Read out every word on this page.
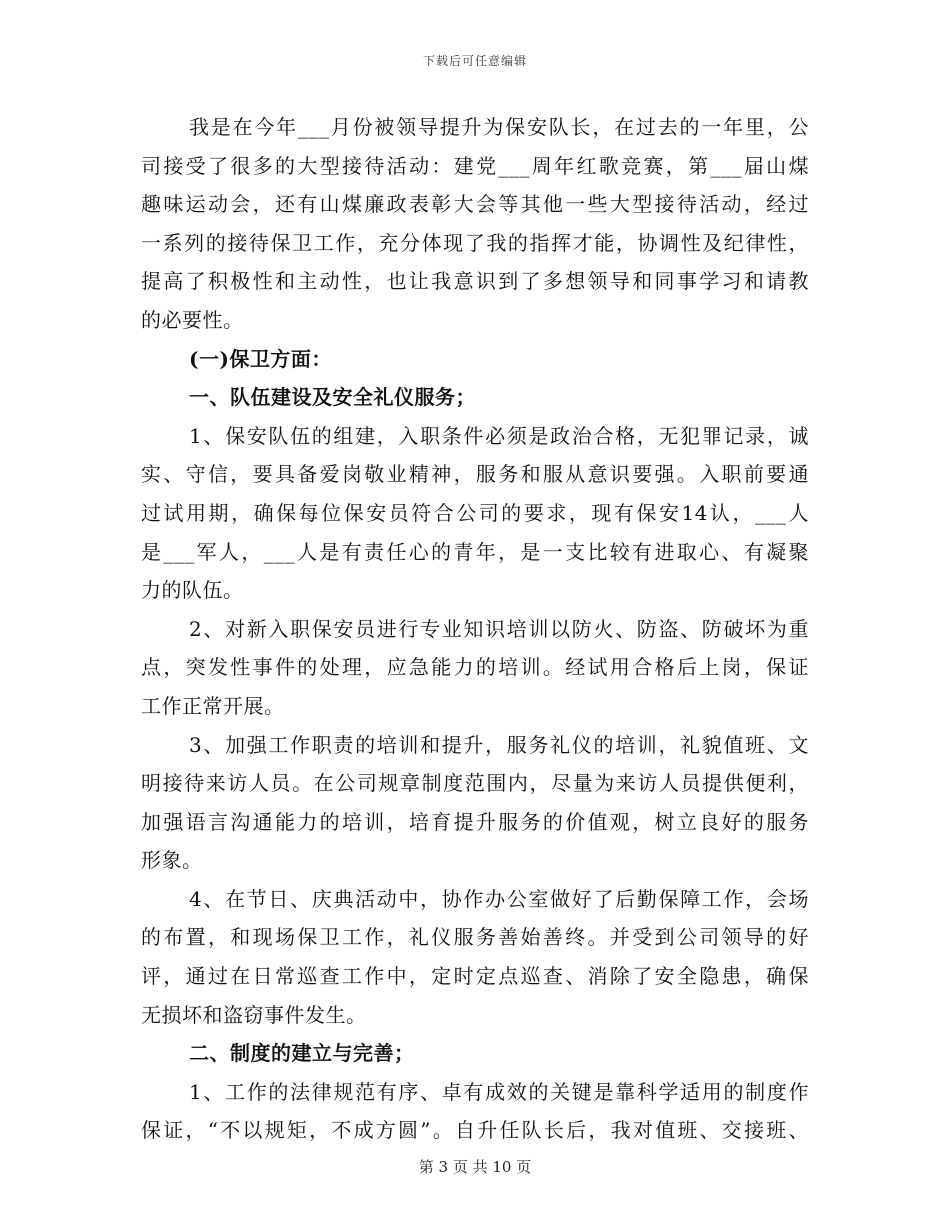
下载后可任意编辑
我是在今年___月份被领导提升为保安队长，在过去的一年里，公
司接受了很多的大型接待活动：建党___周年红歌竞赛，第___届山煤
趣味运动会，还有山煤廉政表彰大会等其他一些大型接待活动，经过
一系列的接待保卫工作，充分体现了我的指挥才能，协调性及纪律性，
提高了积极性和主动性，也让我意识到了多想领导和同事学习和请教
的必要性。
(一)保卫方面：
一、队伍建设及安全礼仪服务；
1、保安队伍的组建，入职条件必须是政治合格，无犯罪记录，诚
实、守信，要具备爱岗敬业精神，服务和服从意识要强。入职前要通
过试用期，确保每位保安员符合公司的要求，现有保安14认，___人
是___军人，___人是有责任心的青年，是一支比较有进取心、有凝聚
力的队伍。
2、对新入职保安员进行专业知识培训以防火、防盗、防破坏为重
点，突发性事件的处理，应急能力的培训。经试用合格后上岗，保证
工作正常开展。
3、加强工作职责的培训和提升，服务礼仪的培训，礼貌值班、文
明接待来访人员。在公司规章制度范围内，尽量为来访人员提供便利，
加强语言沟通能力的培训，培育提升服务的价值观，树立良好的服务
形象。
4、在节日、庆典活动中，协作办公室做好了后勤保障工作，会场
的布置，和现场保卫工作，礼仪服务善始善终。并受到公司领导的好
评，通过在日常巡查工作中，定时定点巡查、消除了安全隐患，确保
无损坏和盗窃事件发生。
二、制度的建立与完善；
1、工作的法律规范有序、卓有成效的关键是靠科学适用的制度作
保证，“不以规矩，不成方圆”。自升任队长后，我对值班、交接班、
第 3 页 共 10 页
